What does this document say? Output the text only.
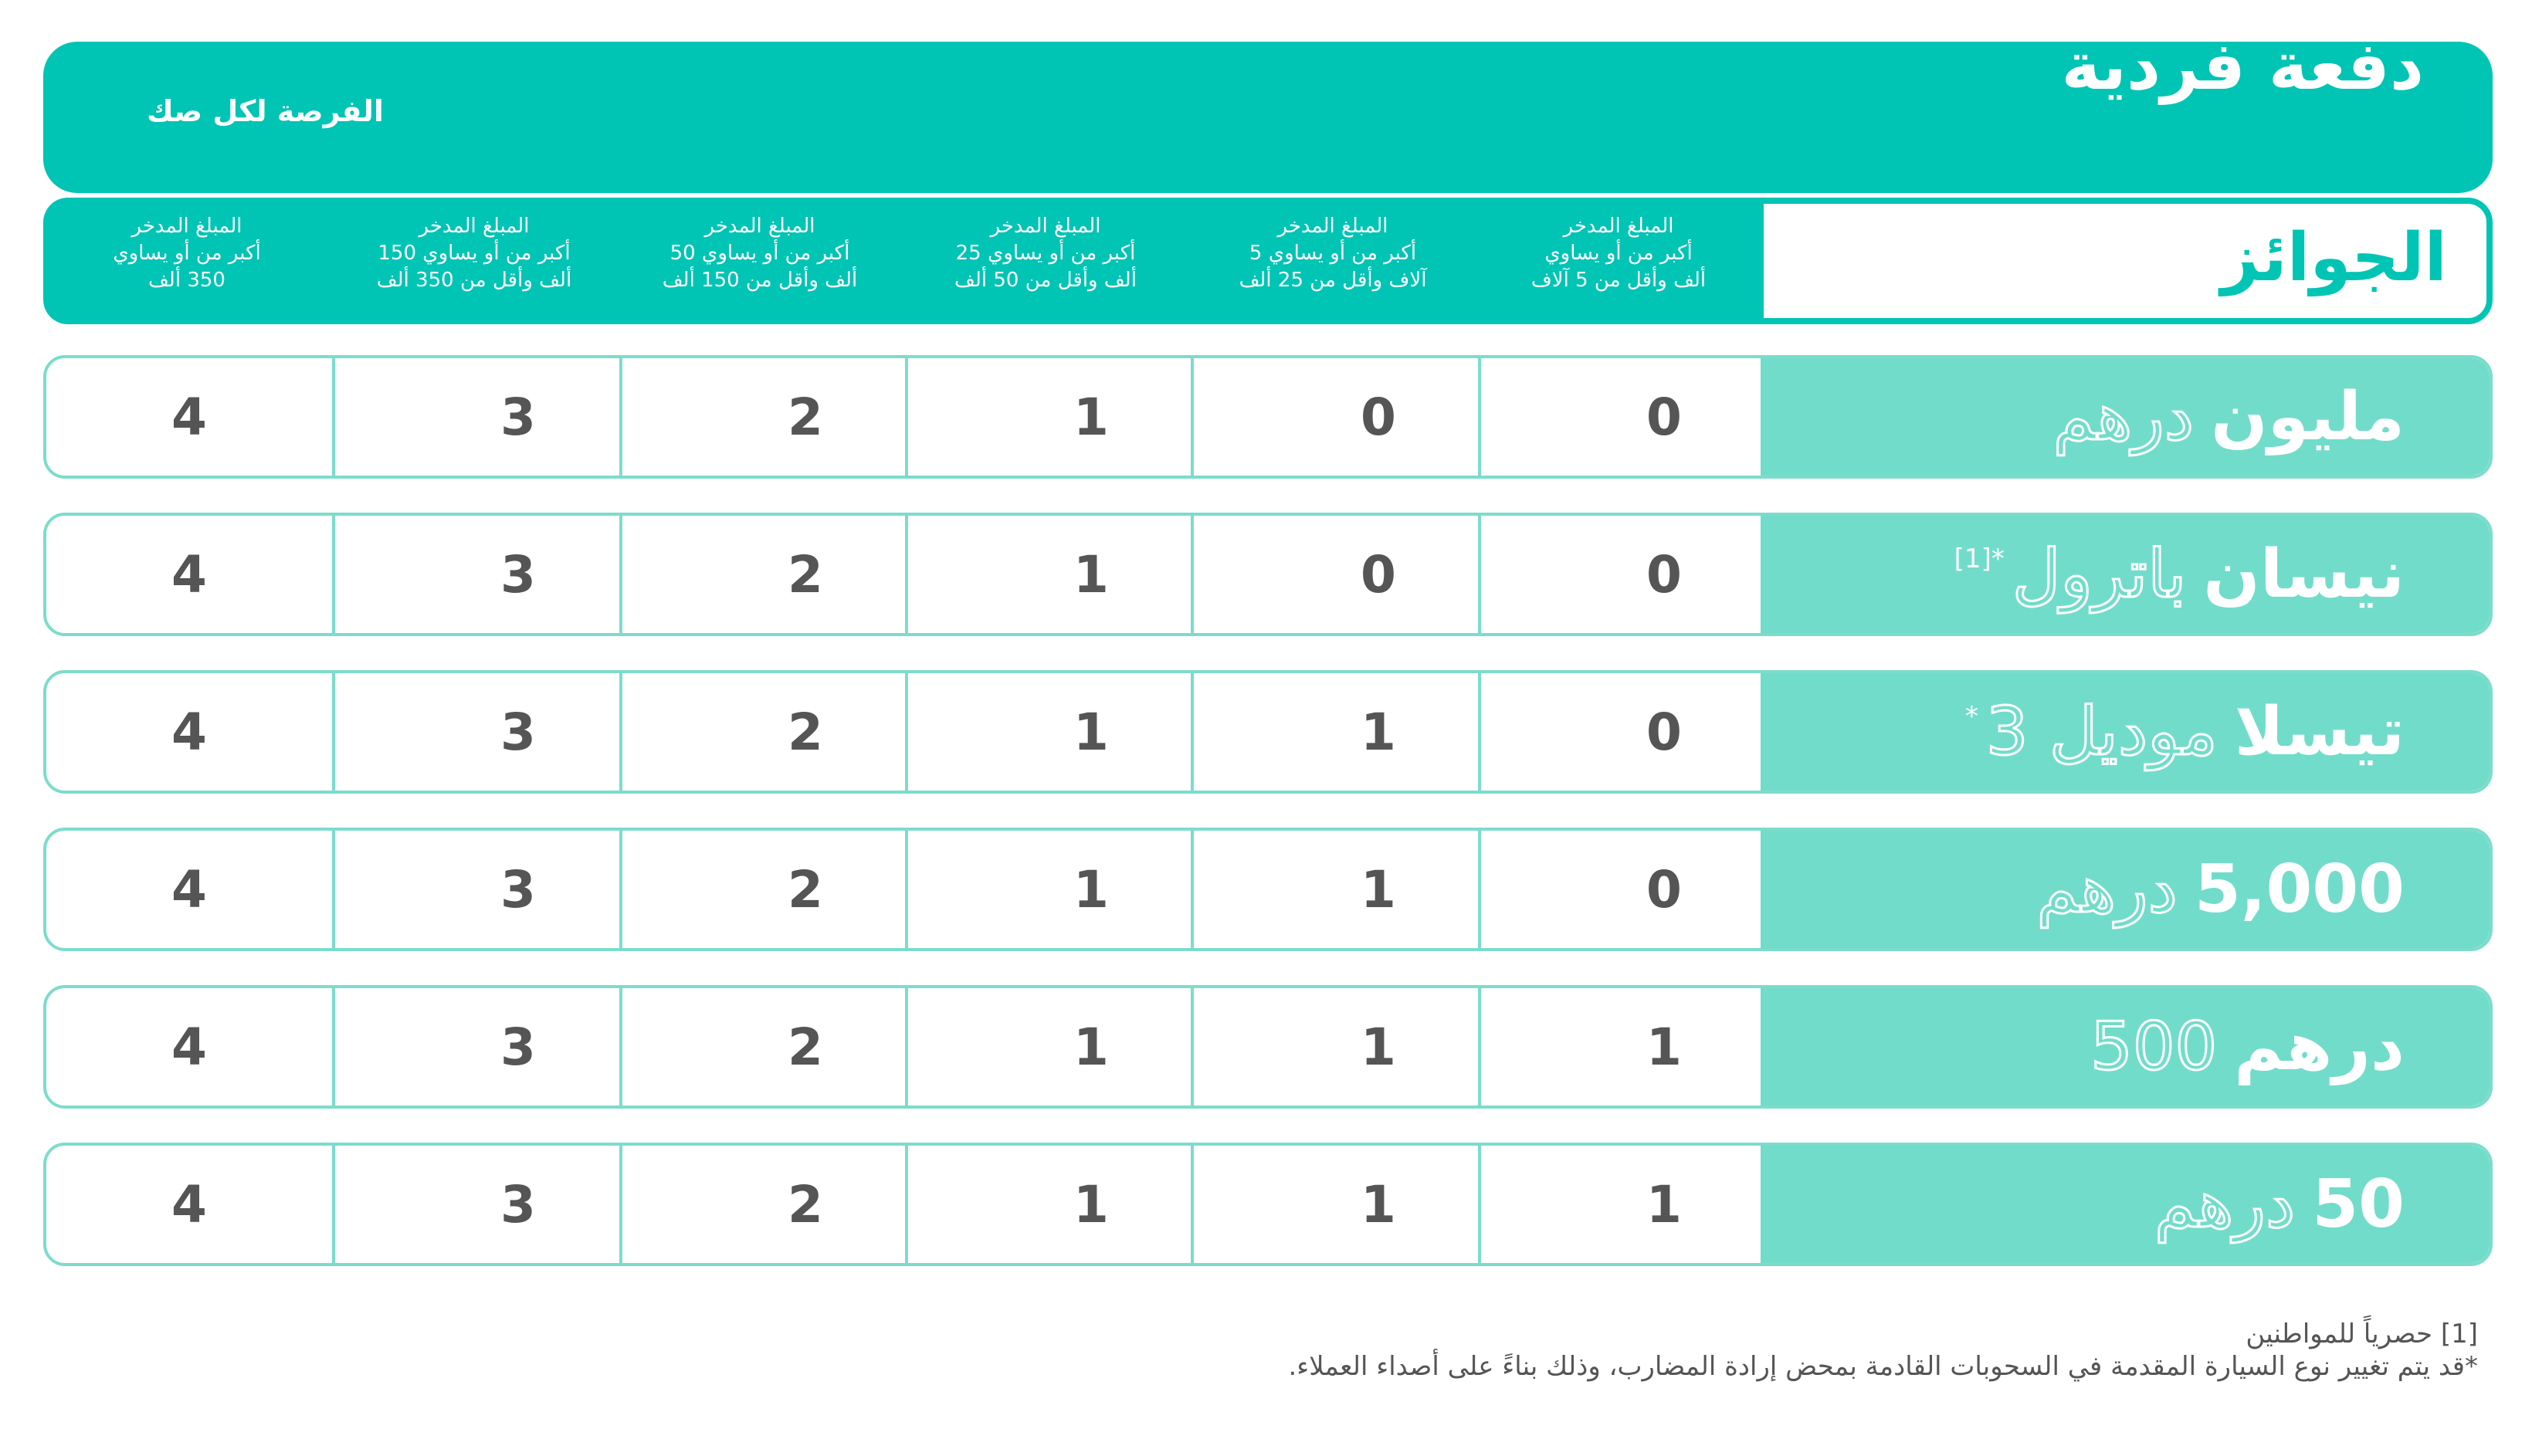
دفعة فردية
الفرصة لكل صك
الجوائز
المبلغ المدخر
أكبر من أو يساوي
ألف وأقل من 5 آلاف
المبلغ المدخر
أكبر من أو يساوي 5
آلاف وأقل من 25 ألف
المبلغ المدخر
أكبر من أو يساوي 25
ألف وأقل من 50 ألف
المبلغ المدخر
أكبر من أو يساوي 50
ألف وأقل من 150 ألف
المبلغ المدخر
أكبر من أو يساوي 150
ألف وأقل من 350 ألف
المبلغ المدخر
أكبر من أو يساوي
350 ألف
مليون
درهم
0
0
1
2
3
4
نيسان
باترول
[1]*
0
0
1
2
3
4
تيسلا
موديل 3
*
0
1
1
2
3
4
5,000
درهم
0
1
1
2
3
4
درهم
500
1
1
1
2
3
4
50
درهم
1
1
1
2
3
4
[1] حصرياً للمواطنين
*قد يتم تغيير نوع السيارة المقدمة في السحوبات القادمة بمحض إرادة المضارب، وذلك بناءً على أصداء العملاء.
